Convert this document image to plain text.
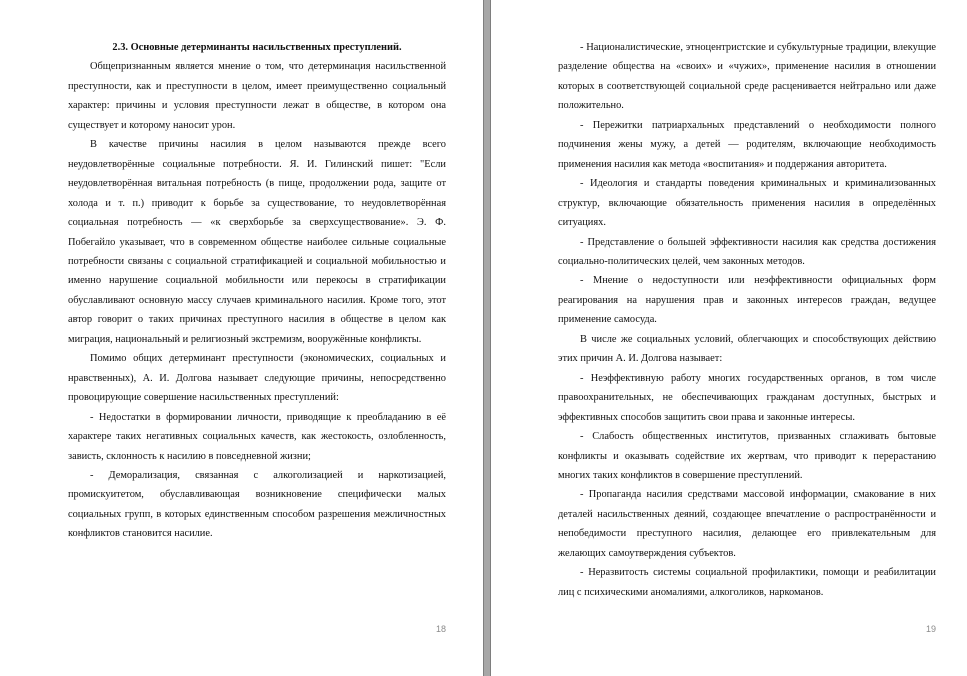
2.3. Основные детерминанты насильственных преступлений.

Общепризнанным является мнение о том, что детерминация насильственной преступности, как и преступности в целом, имеет преимущественно социальный характер: причины и условия преступности лежат в обществе, в котором она существует и которому наносит урон.

В качестве причины насилия в целом называются прежде всего неудовлетворённые социальные потребности. Я. И. Гилинский пишет: "Если неудовлетворённая витальная потребность (в пище, продолжении рода, защите от холода и т. п.) приводит к борьбе за существование, то неудовлетворённая социальная потребность — «к сверхборьбе за сверхсуществование». Э. Ф. Побегайло указывает, что в современном обществе наиболее сильные социальные потребности связаны с социальной стратификацией и социальной мобильностью и именно нарушение социальной мобильности или перекосы в стратификации обуславливают основную массу случаев криминального насилия. Кроме того, этот автор говорит о таких причинах преступного насилия в обществе в целом как миграция, национальный и религиозный экстремизм, вооружённые конфликты.

Помимо общих детерминант преступности (экономических, социальных и нравственных), А. И. Долгова называет следующие причины, непосредственно провоцирующие совершение насильственных преступлений:

- Недостатки в формировании личности, приводящие к преобладанию в её характере таких негативных социальных качеств, как жестокость, озлобленность, зависть, склонность к насилию в повседневной жизни;

- Деморализация, связанная с алкоголизацией и наркотизацией, промискуитетом, обуславливающая возникновение специфически малых социальных групп, в которых единственным способом разрешения межличностных конфликтов становится насилие.

18

- Националистические, этноцентристские и субкультурные традиции, влекущие разделение общества на «своих» и «чужих», применение насилия в отношении которых в соответствующей социальной среде расценивается нейтрально или даже положительно.

- Пережитки патриархальных представлений о необходимости полного подчинения жены мужу, а детей — родителям, включающие необходимость применения насилия как метода «воспитания» и поддержания авторитета.

- Идеология и стандарты поведения криминальных и криминализованных структур, включающие обязательность применения насилия в определённых ситуациях.

- Представление о большей эффективности насилия как средства достижения социально-политических целей, чем законных методов.

- Мнение о недоступности или неэффективности официальных форм реагирования на нарушения прав и законных интересов граждан, ведущее применение самосуда.

В числе же социальных условий, облегчающих и способствующих действию этих причин А. И. Долгова называет:

- Неэффективную работу многих государственных органов, в том числе правоохранительных, не обеспечивающих гражданам доступных, быстрых и эффективных способов защитить свои права и законные интересы.

- Слабость общественных институтов, призванных сглаживать бытовые конфликты и оказывать содействие их жертвам, что приводит к перерастанию многих таких конфликтов в совершение преступлений.

- Пропаганда насилия средствами массовой информации, смакование в них деталей насильственных деяний, создающее впечатление о распространённости и непобедимости преступного насилия, делающее его привлекательным для желающих самоутверждения субъектов.

- Неразвитость системы социальной профилактики, помощи и реабилитации лиц с психическими аномалиями, алкоголиков, наркоманов.

19
